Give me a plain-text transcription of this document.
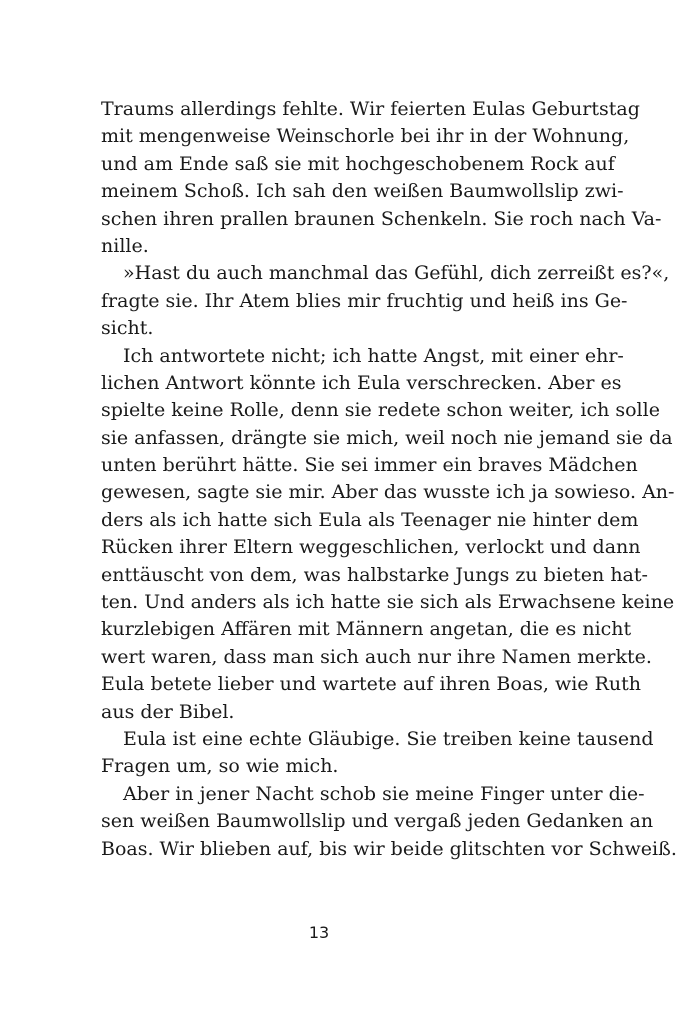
Traums allerdings fehlte. Wir feierten Eulas Geburtstag
mit mengenweise Weinschorle bei ihr in der Wohnung,
und am Ende saß sie mit hochgeschobenem Rock auf
meinem Schoß. Ich sah den weißen Baumwollslip zwi-
schen ihren prallen braunen Schenkeln. Sie roch nach Va-
nille.
»Hast du auch manchmal das Gefühl, dich zerreißt es?«,
fragte sie. Ihr Atem blies mir fruchtig und heiß ins Ge-
sicht.
Ich antwortete nicht; ich hatte Angst, mit einer ehr-
lichen Antwort könnte ich Eula verschrecken. Aber es
spielte keine Rolle, denn sie redete schon weiter, ich solle
sie anfassen, drängte sie mich, weil noch nie jemand sie da
unten berührt hätte. Sie sei immer ein braves Mädchen
gewesen, sagte sie mir. Aber das wusste ich ja sowieso. An-
ders als ich hatte sich Eula als Teenager nie hinter dem
Rücken ihrer Eltern weggeschlichen, verlockt und dann
enttäuscht von dem, was halbstarke Jungs zu bieten hat-
ten. Und anders als ich hatte sie sich als Erwachsene keine
kurzlebigen Affären mit Männern angetan, die es nicht
wert waren, dass man sich auch nur ihre Namen merkte.
Eula betete lieber und wartete auf ihren Boas, wie Ruth
aus der Bibel.
Eula ist eine echte Gläubige. Sie treiben keine tausend
Fragen um, so wie mich.
Aber in jener Nacht schob sie meine Finger unter die-
sen weißen Baumwollslip und vergaß jeden Gedanken an
Boas. Wir blieben auf, bis wir beide glitschten vor Schweiß.
13
